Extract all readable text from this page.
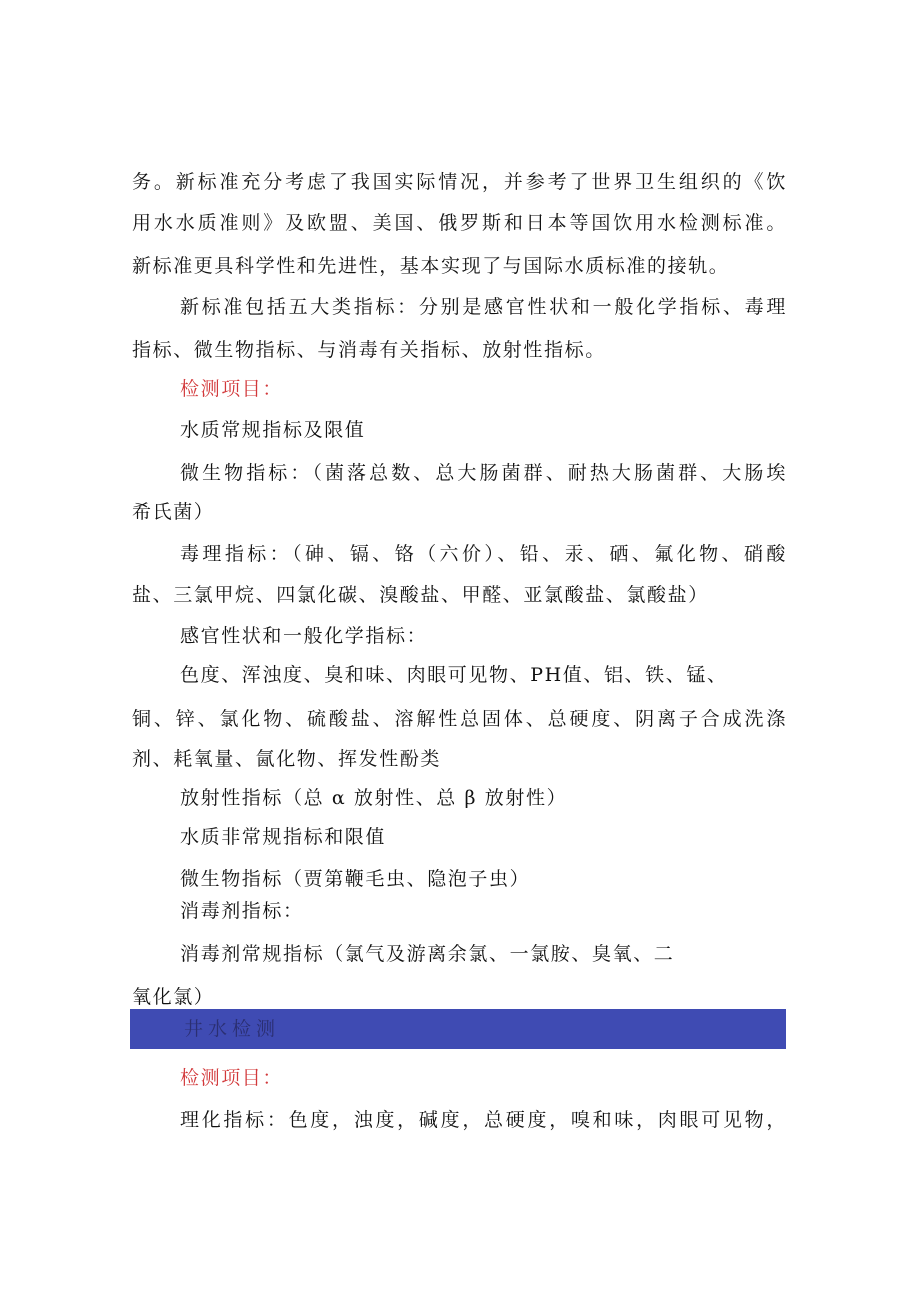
务。新标准充分考虑了我国实际情况，并参考了世界卫生组织的《饮
用水水质准则》及欧盟、美国、俄罗斯和日本等国饮用水检测标准。
新标准更具科学性和先进性，基本实现了与国际水质标准的接轨。
新标准包括五大类指标：分别是感官性状和一般化学指标、毒理
指标、微生物指标、与消毒有关指标、放射性指标。
检测项目：
水质常规指标及限值
微生物指标：（菌落总数、总大肠菌群、耐热大肠菌群、大肠埃
希氏菌）
毒理指标：（砷、镉、铬（六价）、铅、汞、硒、氟化物、硝酸
盐、三氯甲烷、四氯化碳、溴酸盐、甲醛、亚氯酸盐、氯酸盐）
感官性状和一般化学指标：
色度、浑浊度、臭和味、肉眼可见物、PH值、铝、铁、锰、
铜、锌、氯化物、硫酸盐、溶解性总固体、总硬度、阴离子合成洗涤
剂、耗氧量、氤化物、挥发性酚类
放射性指标（总 α 放射性、总 β 放射性）
水质非常规指标和限值
微生物指标（贾第鞭毛虫、隐泡子虫）
消毒剂指标：
消毒剂常规指标（氯气及游离余氯、一氯胺、臭氧、二
氧化氯）
井水检测
检测项目：
理化指标：色度，浊度，碱度，总硬度，嗅和味，肉眼可见物，
